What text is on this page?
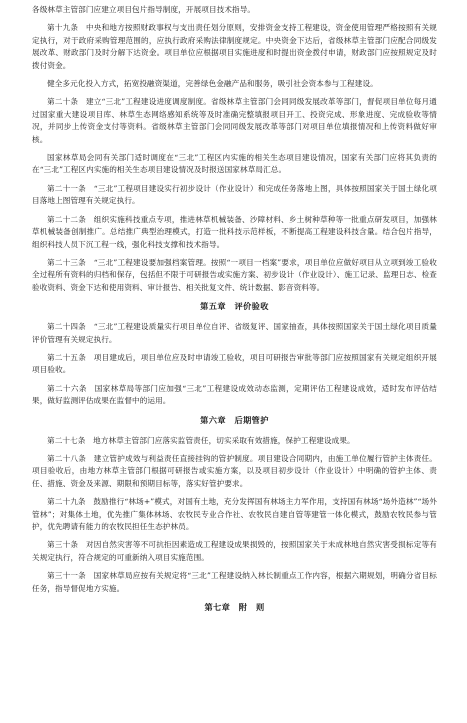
各级林草主管部门应建立项目包片指导制度，开展项目技术指导。

第十九条　中央和地方按照财政事权与支出责任划分原则，安排资金支持工程建设，资金使用管理严格按照有关规定执行，对于政府采购管理范围的，应执行政府采购法律制度规定。中央资金下达后，省级林草主管部门应配合同级发展改革、财政部门及时分解下达资金。项目单位应根据项目实施进度和时提出资金拨付申请，财政部门应按照规定及时拨付资金。

健全多元化投入方式，拓宽投融资渠道，完善绿色金融产品和服务，吸引社会资本参与工程建设。

第二十条　建立“三北”工程建设进度调度制度。省级林草主管部门会同同级发展改革等部门，督促项目单位每月通过国家重大建设项目库、林草生态网络感知系统等及时准确完整填报项目开工、投资完成、形象进度、完成验收等情况，并同步上传资金支付等资料。省级林草主管部门会同同级发展改革等部门对项目单位填报情况和上传资料做好审核。

国家林草局会同有关部门适时调度在“三北”工程区内实施的相关生态项目建设情况，国家有关部门应将其负责的在“三北”工程区内实施的相关生态项目建设情况及时报送国家林草局汇总。

第二十一条　“三北”工程项目建设实行初步设计（作业设计）和完成任务落地上图，具体按照国家关于国土绿化项目落地上图管理有关规定执行。

第二十二条　组织实施科技重点专项，推进林草机械装备、沙障材料、乡土树种草种等一批重点研发项目，加强林草机械装备创制推广。总结推广典型治理模式，打造一批科技示范样板，不断提高工程建设科技含量。结合包片指导，组织科技人员下沉工程一线，强化科技支撑和技术指导。

第二十三条　“三北”工程建设要加强档案管理。按照“一项目一档案”要求，项目单位应做好项目从立项到竣工验收全过程所有资料的归档和保存，包括但不限于可研报告或实施方案、初步设计（作业设计）、施工记录、监理日志、检查验收资料、资金下达和使用资料、审计报告、相关批复文件、统计数据、影音资料等。

第五章　评价验收

第二十四条　“三北”工程建设质量实行项目单位自评、省级复评、国家抽查，具体按照国家关于国土绿化项目质量评价管理有关规定执行。

第二十五条　项目建成后，项目单位应及时申请竣工验收，项目可研报告审批等部门应按照国家有关规定组织开展项目验收。

第二十六条　国家林草局等部门应加强“三北”工程建设成效动态监测，定期评估工程建设成效，适时发布评估结果，做好监测评估成果在监督中的运用。

第六章　后期管护

第二十七条　地方林草主管部门应落实监管责任，切实采取有效措施，保护工程建设成果。

第二十八条　建立管护成效与利益责任直接挂钩的管护制度。项目建设合同期内，由施工单位履行管护主体责任。项目验收后，由地方林草主管部门根据可研报告或实施方案，以及项目初步设计（作业设计）中明确的管护主体、责任、措施、资金及来源、期限和预期目标等，落实好管护要求。

第二十九条　鼓励推行“林场+”模式，对国有土地，充分发挥国有林场主力军作用，支持国有林场“场外造林”“场外管林”；对集体土地，优先推广集体林场、农牧民专业合作社、农牧民自建自管等建管一体化模式，鼓励农牧民参与管护，优先聘请有能力的农牧民担任生态护林员。

第三十条　对因自然灾害等不可抗拒因素造成工程建设成果损毁的，按照国家关于未成林地自然灾害受损标定等有关规定执行，符合规定的可重新纳入项目实施范围。

第三十一条　国家林草局应按有关规定将“三北”工程建设纳入林长制重点工作内容，根据六期规划，明确分省目标任务，指导督促地方实施。

第七章　附　则
